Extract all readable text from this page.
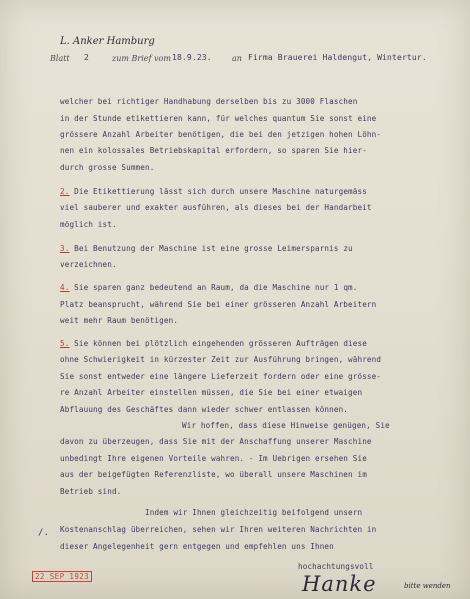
L. Anker Hamburg
Blatt 2	zum Brief vom 18.9.23.	an Firma Brauerei Haldengut, Wintertur.
welcher bei richtiger Handhabung derselben bis zu 3000 Flaschen
in der Stunde etikettieren kann, für welches quantum Sie sonst eine
grössere Anzahl Arbeiter benötigen, die bei den jetzigen hohen Löhn-
nen ein kolossales Betriebskapital erfordern, so sparen Sie hier-
durch grosse Summen.
2. Die Etikettierung lässt sich durch unsere Maschine naturgemäss
viel sauberer und exakter ausführen, als dieses bei der Handarbeit
möglich ist.
3. Bei Benutzung der Maschine ist eine grosse Leimersparnis zu
verzeichnen.
4. Sie sparen ganz bedeutend an Raum, da die Maschine nur 1 qm.
Platz beansprucht, während Sie bei einer grösseren Anzahl Arbeitern
weit mehr Raum benötigen.
5. Sie können bei plötzlich eingehenden grösseren Aufträgen diese
ohne Schwierigkeit in kürzester Zeit zur Ausführung bringen, während
Sie sonst entweder eine längere Lieferzeit fordern oder eine grösse-
re Anzahl Arbeiter einstellen müssen, die Sie bei einer etwaigen
Abflauung des Geschäftes dann wieder schwer entlassen können.
Wir hoffen, dass diese Hinweise genügen, Sie
davon zu überzeugen, dass Sie mit der Anschaffung unserer Maschine
unbedingt Ihre eigenen Vorteile wahren. - Im Uebrigen ersehen Sie
aus der beigefügten Referenzliste, wo überall unsere Maschinen im
Betrieb sind.
Indem wir Ihnen gleichzeitig beifolgend unsern
Kostenanschlag überreichen, sehen wir Ihren weiteren Nachrichten in
dieser Angelegenheit gern entgegen und empfehlen uns Ihnen
hochachtungsvoll
/.
22 SEP 1923	Hanke	bitte wenden
